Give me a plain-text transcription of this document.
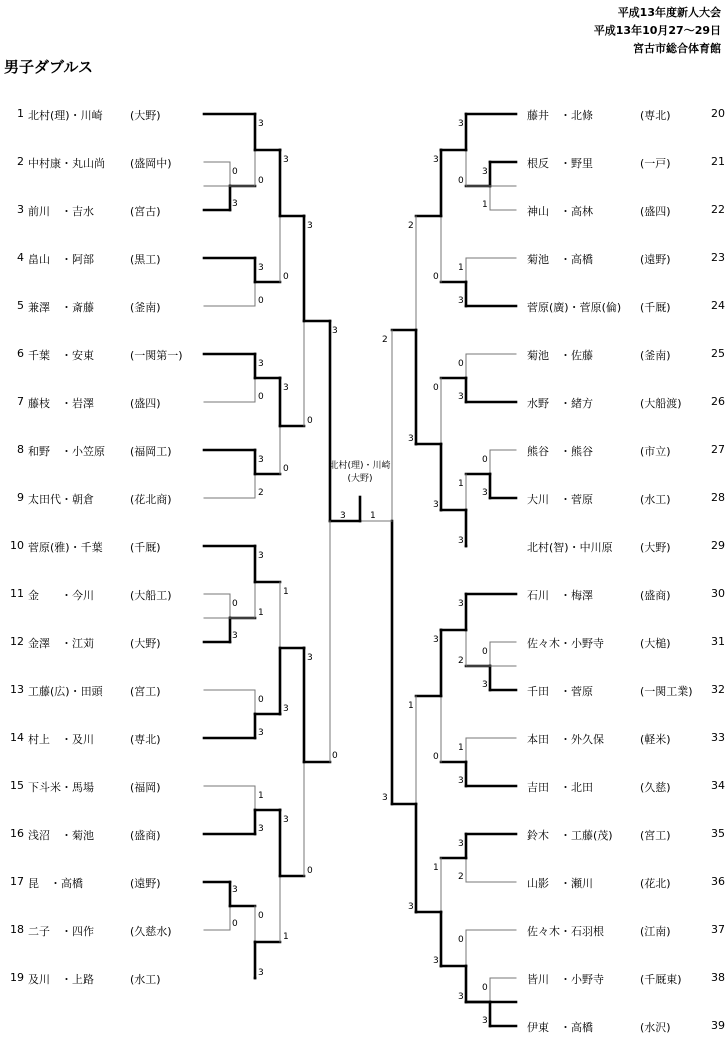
平成13年度新人大会
平成13年10月27～29日
宮古市総合体育館
男子ダブルス
1 北村(理)・川崎 (大野)
2 中村康・丸山尚 (盛岡中)
3 前川　・吉水	(宮古)
4 畠山　・阿部	(黒工)
5 兼澤　・斎藤	(釜南)
6 千葉　・安東	(一関第一)
7 藤枝　・岩澤	(盛四)
8 和野　・小笠原 (福岡工)
9 太田代・朝倉	(花北商)
10 菅原(雅)・千葉 (千厩)
11 金　　・今川	(大船工)
12 金澤　・江苅	(大野)
13 工藤(広)・田頭 (宮工)
14 村上　・及川	(専北)
15 下斗米・馬場	(福岡)
16 浅沼　・菊池	(盛商)
17 昆　・高橋	(遠野)
18 二子　・四作	(久慈水)
19 及川　・上路	(水工)
藤井　・北條	(専北)	20
根反　・野里	(一戸)	21
神山　・高林	(盛四)	22
菊池　・高橋	(遠野)	23
菅原(廣)・菅原(倫) (千厩)	24
菊池　・佐藤	(釜南)	25
水野　・緒方	(大船渡)	26
熊谷　・熊谷	(市立)	27
大川　・菅原	(水工)	28
北村(智)・中川原 (大野)	29
石川　・梅澤	(盛商)	30
佐々木・小野寺	(大槌)	31
千田　・菅原	(一関工業) 32
本田　・外久保	(軽米)	33
吉田　・北田	(久慈)	34
鈴木　・工藤(茂) (宮工)	35
山影　・瀬川	(花北)	36
佐々木・石羽根	(江南)	37
皆川　・小野寺	(千厩東)	38
伊東　・高橋	(水沢)	39
0
3
0
3
3
0
3
0
3
0
3
0
3
2
3
1
0
3
1
3
0
3
3
0
3
0
1
3
3
1
3
0
3
0
3
0
3
1
3
0
1
3
0
3
0
3
1
3
0
3
3
2
1
3
3
2
0
3
0
3
3
0
0
3
3
0
1
3
2
3
1
3
2
3
3	1
北村(理)・川崎
(大野)
